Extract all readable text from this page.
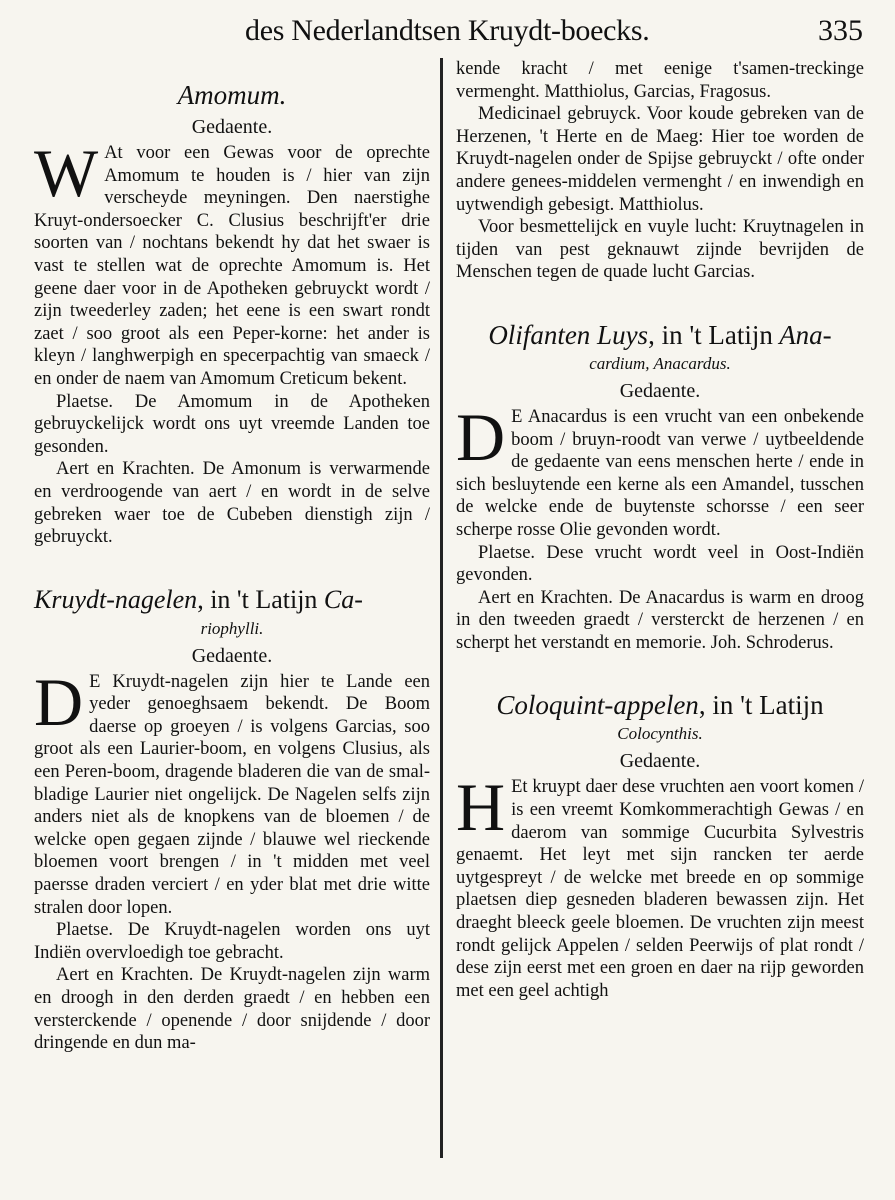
des Nederlandtsen Kruydt-boecks.	335
Amomum.
Gedaente.

W At voor een Gewas voor de oprechte Amomum te houden is / hier van zijn verscheyde meyningen. Den naerstighe Kruyt-ondersoecker C. Clusius beschrijft'er drie soorten van / nochtans bekendt hy dat het swaer is vast te stellen wat de oprechte Amomum is. Het geene daer voor in de Apotheken gebruyckt wordt / zijn tweederley zaden; het eene is een swart rondt zaet / soo groot als een Peper-korne: het ander is kleyn / langhwerpigh en specerpachtig van smaeck / en onder de naem van Amomum Creticum bekent.

Plaetse. De Amomum in de Apotheken gebruyckelijck wordt ons uyt vreemde Landen toe gesonden.

Aert en Krachten. De Amonum is verwarmende en verdroogende van aert / en wordt in de selve gebreken waer toe de Cubeben dienstigh zijn / gebruyckt.

Kruydt-nagelen, in 't Latijn Ca-
riophylli.
Gedaente.

D E Kruydt-nagelen zijn hier te Lande een yeder genoeghsaem bekendt. De Boom daerse op groeyen / is volgens Garcias, soo groot als een Laurier-boom, en volgens Clusius, als een Peren-boom, dragende bladeren die van de smal-bladige Laurier niet ongelijck. De Nagelen selfs zijn anders niet als de knopkens van de bloemen / de welcke open gegaen zijnde / blauwe wel rieckende bloemen voort brengen / in 't midden met veel paersse draden verciert / en yder blat met drie witte stralen door lopen.

Plaetse. De Kruydt-nagelen worden ons uyt Indiën overvloedigh toe gebracht.

Aert en Krachten. De Kruydt-nagelen zijn warm en droogh in den derden graedt / en hebben een versterckende / openende / door snijdende / door dringende en dun ma-

kende kracht / met eenige t'samen-treckinge vermenght. Matthiolus, Garcias, Fragosus.

Medicinael gebruyck. Voor koude gebreken van de Herzenen, 't Herte en de Maeg: Hier toe worden de Kruydt-nagelen onder de Spijse gebruyckt / ofte onder andere genees-middelen vermenght / en inwendigh en uytwendigh gebesigt. Matthiolus.

Voor besmettelijck en vuyle lucht: Kruytnagelen in tijden van pest geknauwt zijnde bevrijden de Menschen tegen de quade lucht Garcias.

Olifanten Luys, in 't Latijn Ana-
cardium, Anacardus.
Gedaente.

D E Anacardus is een vrucht van een onbekende boom / bruyn-roodt van verwe / uytbeeldende de gedaente van eens menschen herte / ende in sich besluytende een kerne als een Amandel, tusschen de welcke ende de buytenste schorsse / een seer scherpe rosse Olie gevonden wordt.

Plaetse. Dese vrucht wordt veel in Oost-Indiën gevonden.

Aert en Krachten. De Anacardus is warm en droog in den tweeden graedt / versterckt de herzenen / en scherpt het verstandt en memorie. Joh. Schroderus.

Coloquint-appelen, in 't Latijn
Colocynthis.
Gedaente.

H Et kruypt daer dese vruchten aen voort komen / is een vreemt Komkommerachtigh Gewas / en daerom van sommige Cucurbita Sylvestris genaemt. Het leyt met sijn rancken ter aerde uytgespreyt / de welcke met breede en op sommige plaetsen diep gesneden bladeren bewassen zijn. Het draeght bleeck geele bloemen. De vruchten zijn meest rondt gelijck Appelen / selden Peerwijs of plat rondt / dese zijn eerst met een groen en daer na rijp geworden met een geel achtigh
